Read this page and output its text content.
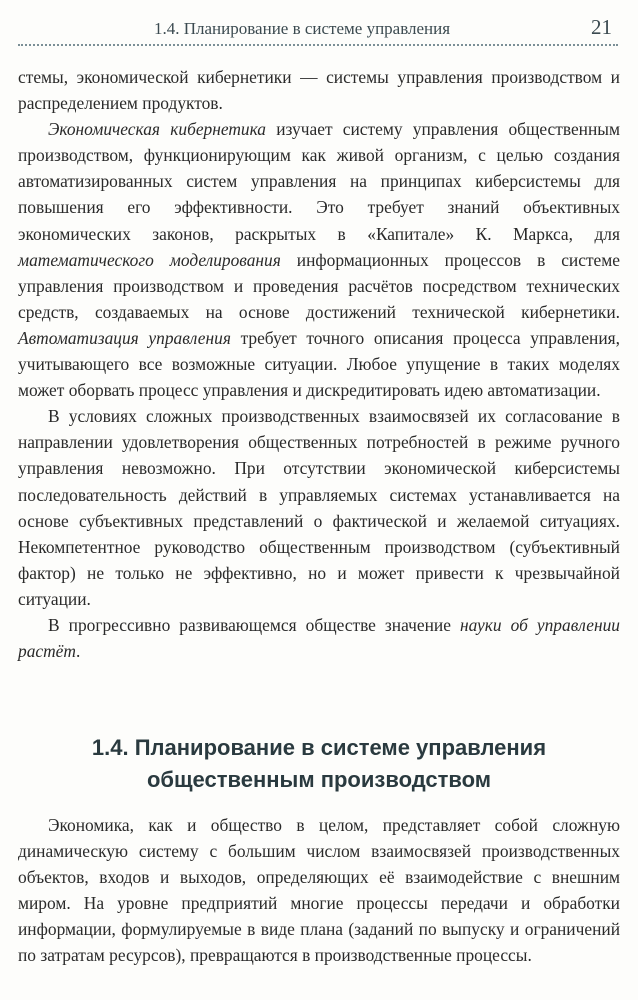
1.4. Планирование в системе управления	21

стемы, экономической кибернетики — системы управления производством и распределением продуктов.

Экономическая кибернетика изучает систему управления общественным производством, функционирующим как живой организм, с целью создания автоматизированных систем управления на принципах киберсистемы для повышения его эффективности. Это требует знаний объективных экономических законов, раскрытых в «Капитале» К. Маркса, для математического моделирования информационных процессов в системе управления производством и проведения расчётов посредством технических средств, создаваемых на основе достижений технической кибернетики. Автоматизация управления требует точного описания процесса управления, учитывающего все возможные ситуации. Любое упущение в таких моделях может оборвать процесс управления и дискредитировать идею автоматизации.

В условиях сложных производственных взаимосвязей их согласование в направлении удовлетворения общественных потребностей в режиме ручного управления невозможно. При отсутствии экономической киберсистемы последовательность действий в управляемых системах устанавливается на основе субъективных представлений о фактической и желаемой ситуациях. Некомпетентное руководство общественным производством (субъективный фактор) не только не эффективно, но и может привести к чрезвычайной ситуации.

В прогрессивно развивающемся обществе значение науки об управлении растёт.

1.4. Планирование в системе управления
общественным производством

Экономика, как и общество в целом, представляет собой сложную динамическую систему с большим числом взаимосвязей производственных объектов, входов и выходов, определяющих её взаимодействие с внешним миром. На уровне предприятий многие процессы передачи и обработки информации, формулируемые в виде плана (заданий по выпуску и ограничений по затратам ресурсов), превращаются в производственные процессы.
